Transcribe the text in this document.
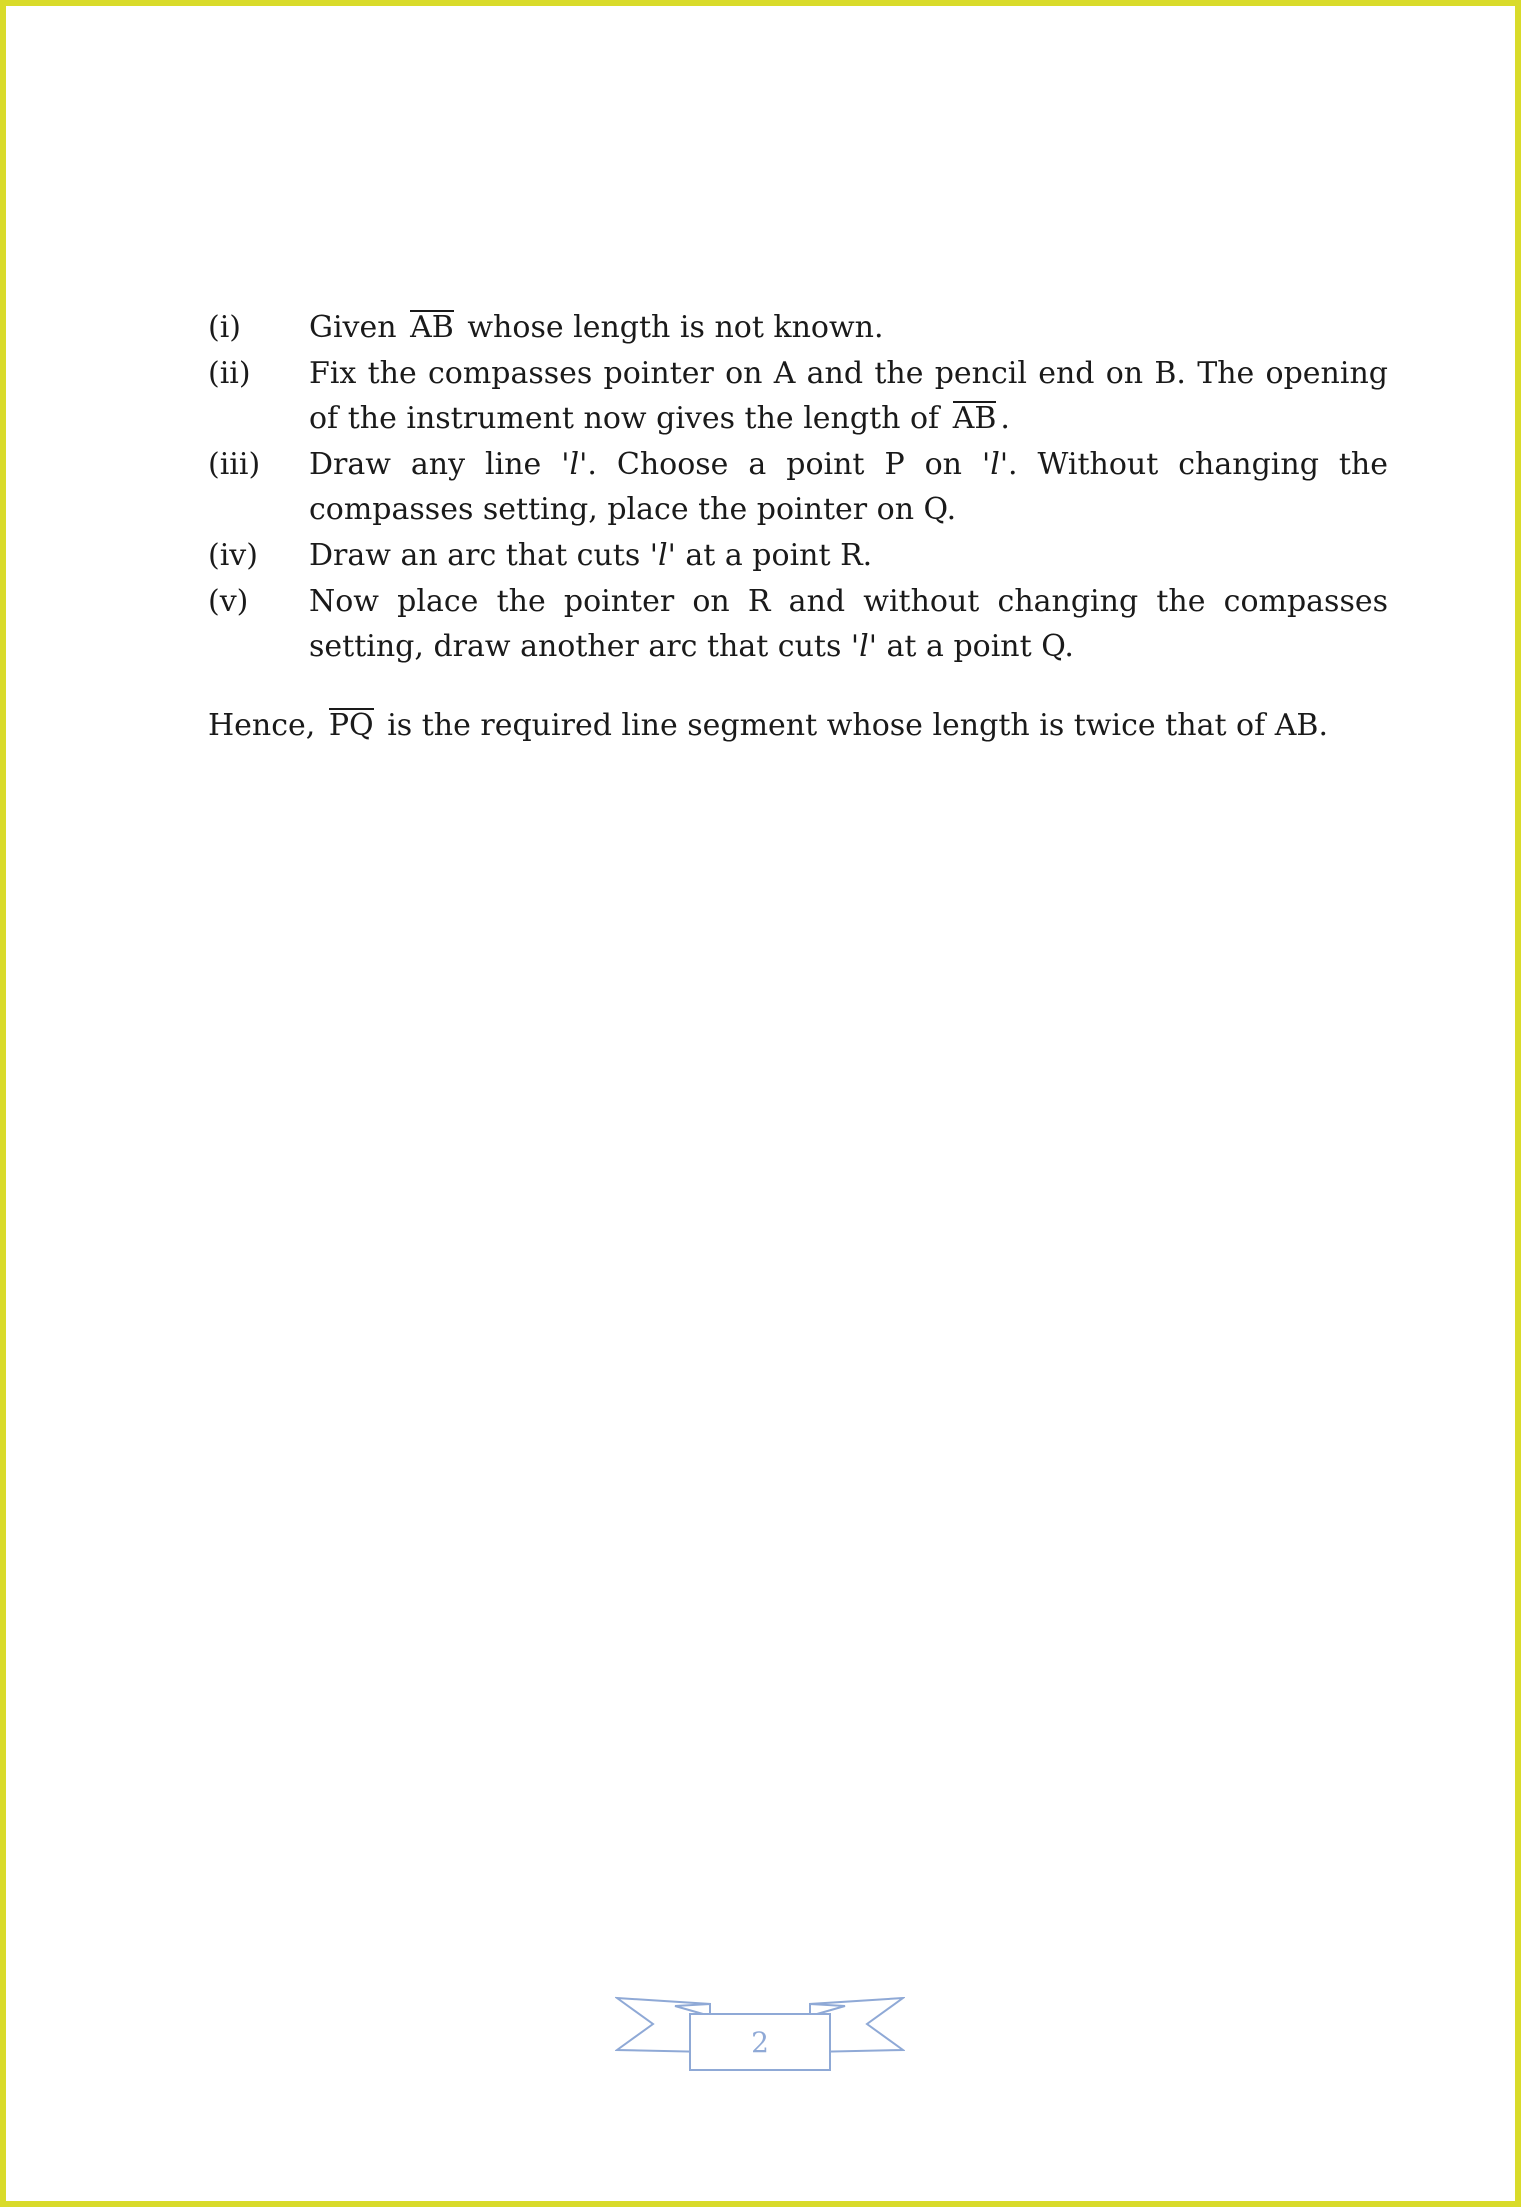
(i)	Given AB whose length is not known.
(ii)	Fix the compasses pointer on A and the pencil end on B. The opening of the instrument now gives the length of AB .
(iii)	Draw any line 'l'. Choose a point P on 'l'. Without changing the compasses setting, place the pointer on Q.
(iv)	Draw an arc that cuts 'l' at a point R.
(v)	Now place the pointer on R and without changing the compasses setting, draw another arc that cuts 'l' at a point Q.
Hence, PQ is the required line segment whose length is twice that of AB.
2
